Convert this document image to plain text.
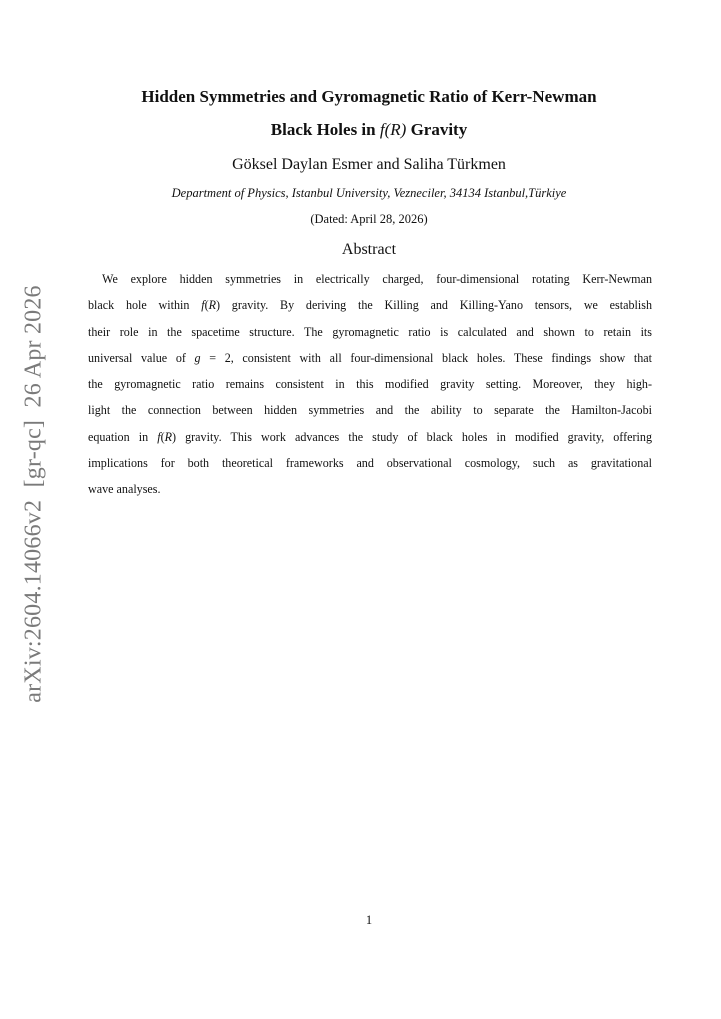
arXiv:2604.14066v2  [gr-qc]  26 Apr 2026
Hidden Symmetries and Gyromagnetic Ratio of Kerr-Newman
Black Holes in f(R) Gravity
Göksel Daylan Esmer and Saliha Türkmen
Department of Physics, Istanbul University, Vezneciler, 34134 Istanbul,Türkiye
(Dated: April 28, 2026)
Abstract
We explore hidden symmetries in electrically charged, four-dimensional rotating Kerr-Newman
black hole within f(R) gravity. By deriving the Killing and Killing-Yano tensors, we establish
their role in the spacetime structure. The gyromagnetic ratio is calculated and shown to retain its
universal value of g = 2, consistent with all four-dimensional black holes. These findings show that
the gyromagnetic ratio remains consistent in this modified gravity setting. Moreover, they high-
light the connection between hidden symmetries and the ability to separate the Hamilton-Jacobi
equation in f(R) gravity. This work advances the study of black holes in modified gravity, offering
implications for both theoretical frameworks and observational cosmology, such as gravitational
wave analyses.
1
